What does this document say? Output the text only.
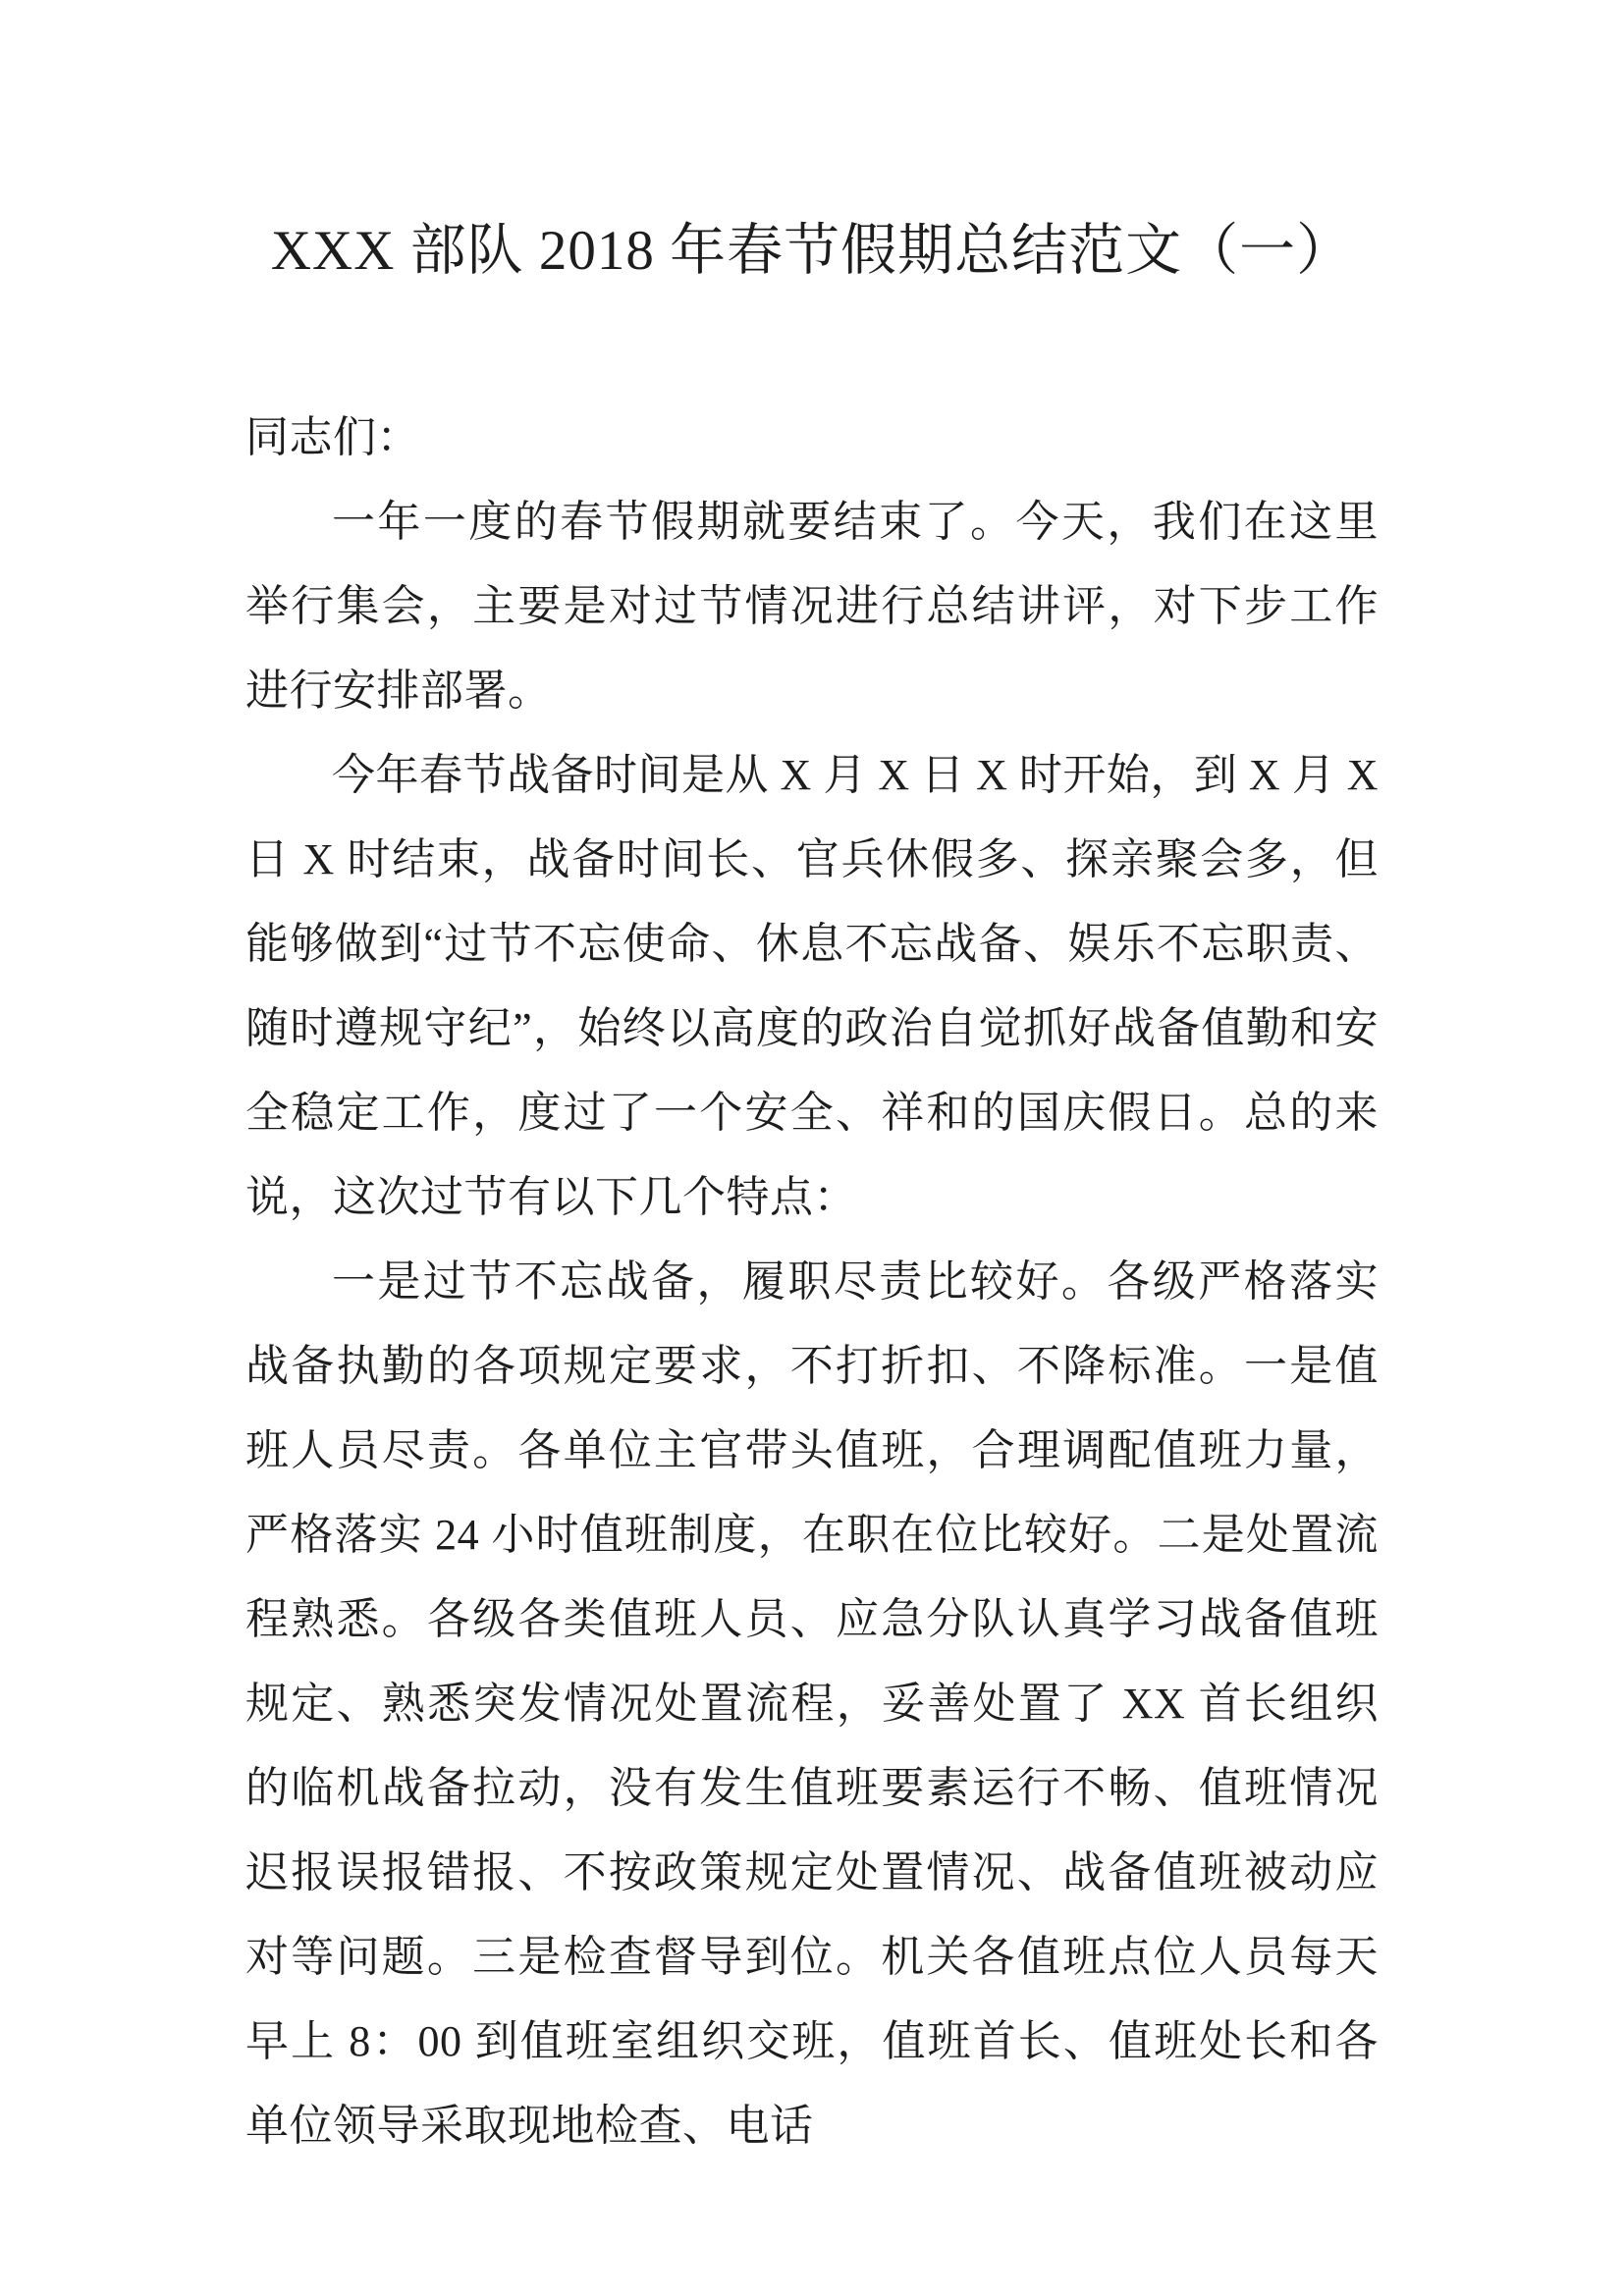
XXX 部队 2018 年春节假期总结范文（一）

同志们：

一年一度的春节假期就要结束了。今天，我们在这里举行集会，主要是对过节情况进行总结讲评，对下步工作进行安排部署。

今年春节战备时间是从 X 月 X 日 X 时开始，到 X 月 X 日 X 时结束，战备时间长、官兵休假多、探亲聚会多，但能够做到“过节不忘使命、休息不忘战备、娱乐不忘职责、随时遵规守纪”，始终以高度的政治自觉抓好战备值勤和安全稳定工作，度过了一个安全、祥和的国庆假日。总的来说，这次过节有以下几个特点：

一是过节不忘战备，履职尽责比较好。各级严格落实战备执勤的各项规定要求，不打折扣、不降标准。一是值班人员尽责。各单位主官带头值班，合理调配值班力量，严格落实 24 小时值班制度，在职在位比较好。二是处置流程熟悉。各级各类值班人员、应急分队认真学习战备值班规定、熟悉突发情况处置流程，妥善处置了 XX 首长组织的临机战备拉动，没有发生值班要素运行不畅、值班情况迟报误报错报、不按政策规定处置情况、战备值班被动应对等问题。三是检查督导到位。机关各值班点位人员每天早上 8：00 到值班室组织交班，值班首长、值班处长和各单位领导采取现地检查、电话
